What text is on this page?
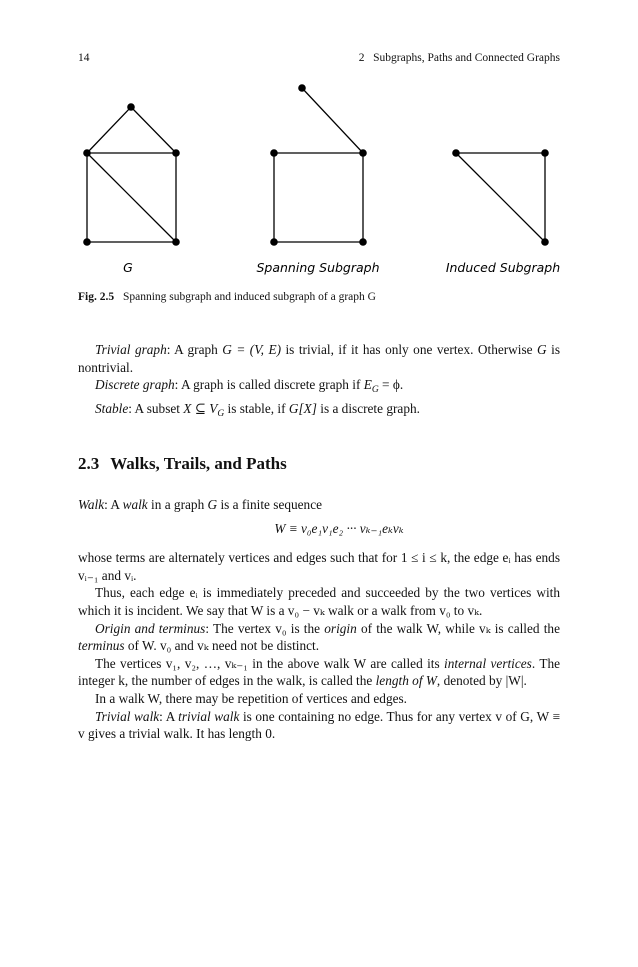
14	2   Subgraphs, Paths and Connected Graphs
G	Spanning Subgraph	Induced Subgraph
Fig. 2.5 Spanning subgraph and induced subgraph of a graph G

Trivial graph: A graph G = (V, E) is trivial, if it has only one vertex. Otherwise G is nontrivial.

Discrete graph: A graph is called discrete graph if $E_G = \phi$.

Stable: A subset X ⊆ $V_G$ is stable, if G[X] is a discrete graph.

2.3 Walks, Trails, and Paths

Walk: A walk in a graph G is a finite sequence

W ≡ v₀e₁v₁e₂ ··· vₖ₋₁eₖvₖ

whose terms are alternately vertices and edges such that for 1 ≤ i ≤ k, the edge eᵢ has ends vᵢ₋₁ and vᵢ.

Thus, each edge eᵢ is immediately preceded and succeeded by the two vertices with which it is incident. We say that W is a v₀ − vₖ walk or a walk from v₀ to vₖ.

Origin and terminus: The vertex v₀ is the origin of the walk W, while vₖ is called the terminus of W. v₀ and vₖ need not be distinct.

The vertices v₁, v₂, …, vₖ₋₁ in the above walk W are called its internal vertices. The integer k, the number of edges in the walk, is called the length of W, denoted by |W|.

In a walk W, there may be repetition of vertices and edges.

Trivial walk: A trivial walk is one containing no edge. Thus for any vertex v of G, W ≡ v gives a trivial walk. It has length 0.
